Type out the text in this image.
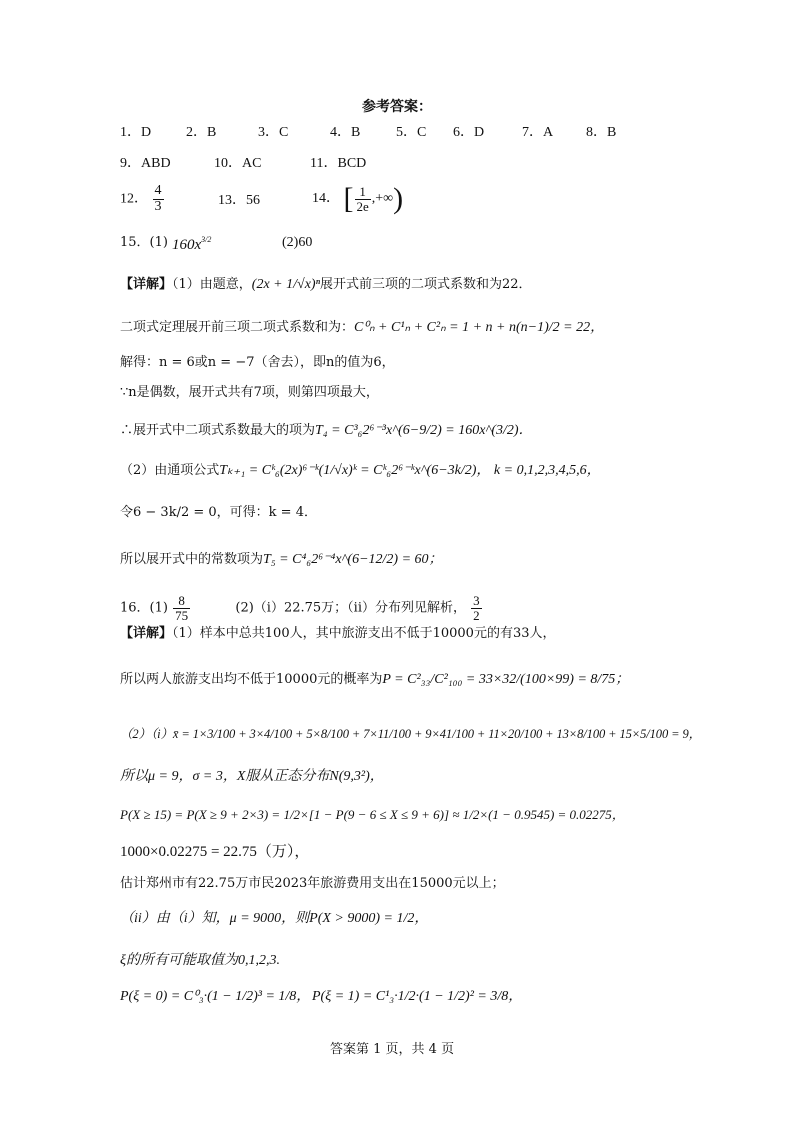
参考答案：
1．D 2．B	3．C	4．B	5．C 6．D	7．A 8．B
9．ABD	10．AC	11．BCD
12． $\frac{4}{3}$	13．56	14． [ $\frac{1}{2e}$ ,+∞)
15．(1) $160x^{3/2}$	(2)60
【详解】（1）由题意，(2x + 1/√x)ⁿ展开式前三项的二项式系数和为22．
二项式定理展开前三项二项式系数和为：C⁰ₙ + C¹ₙ + C²ₙ = 1 + n + n(n−1)/2 = 22，
解得：n = 6或n = −7（舍去），即n的值为6，
∵n是偶数，展开式共有7项，则第四项最大，
∴展开式中二项式系数最大的项为T₄ = C³₆2⁶⁻³x^(6−9/2) = 160x^(3/2)．
（2）由通项公式Tₖ₊₁ = Cᵏ₆(2x)⁶⁻ᵏ(1/√x)ᵏ = Cᵏ₆2⁶⁻ᵏx^(6−3k/2)， k = 0,1,2,3,4,5,6，
令6 − 3k/2 = 0，可得：k = 4．
所以展开式中的常数项为T₅ = C⁴₆2⁶⁻⁴x^(6−12/2) = 60；
16．$(1) \frac{8}{75}$	(2)（i）22.75万；（ii）分布列见解析， $\frac{3}{2}$
【详解】（1）样本中总共100人，其中旅游支出不低于10000元的有33人，
所以两人旅游支出均不低于10000元的概率为P = C²₃₃/C²₁₀₀ = 33×32/(100×99) = 8/75；
（2）（i）x̄ = 1×3/100 + 3×4/100 + 5×8/100 + 7×11/100 + 9×41/100 + 11×20/100 + 13×8/100 + 15×5/100 = 9，
所以μ = 9，σ = 3，X服从正态分布N(9,3²)，
P(X ≥ 15) = P(X ≥ 9 + 2×3) = 1/2×[1 − P(9 − 6 ≤ X ≤ 9 + 6)] ≈ 1/2×(1 − 0.9545) = 0.02275，
1000×0.02275 = 22.75（万），
估计郑州市有22.75万市民2023年旅游费用支出在15000元以上；
（ii）由（i）知，μ = 9000，则P(X > 9000) = 1/2，
ξ的所有可能取值为0,1,2,3.
P(ξ = 0) = C⁰₃·(1 − 1/2)³ = 1/8， P(ξ = 1) = C¹₃·1/2·(1 − 1/2)² = 3/8，
答案第 1 页，共 4 页
